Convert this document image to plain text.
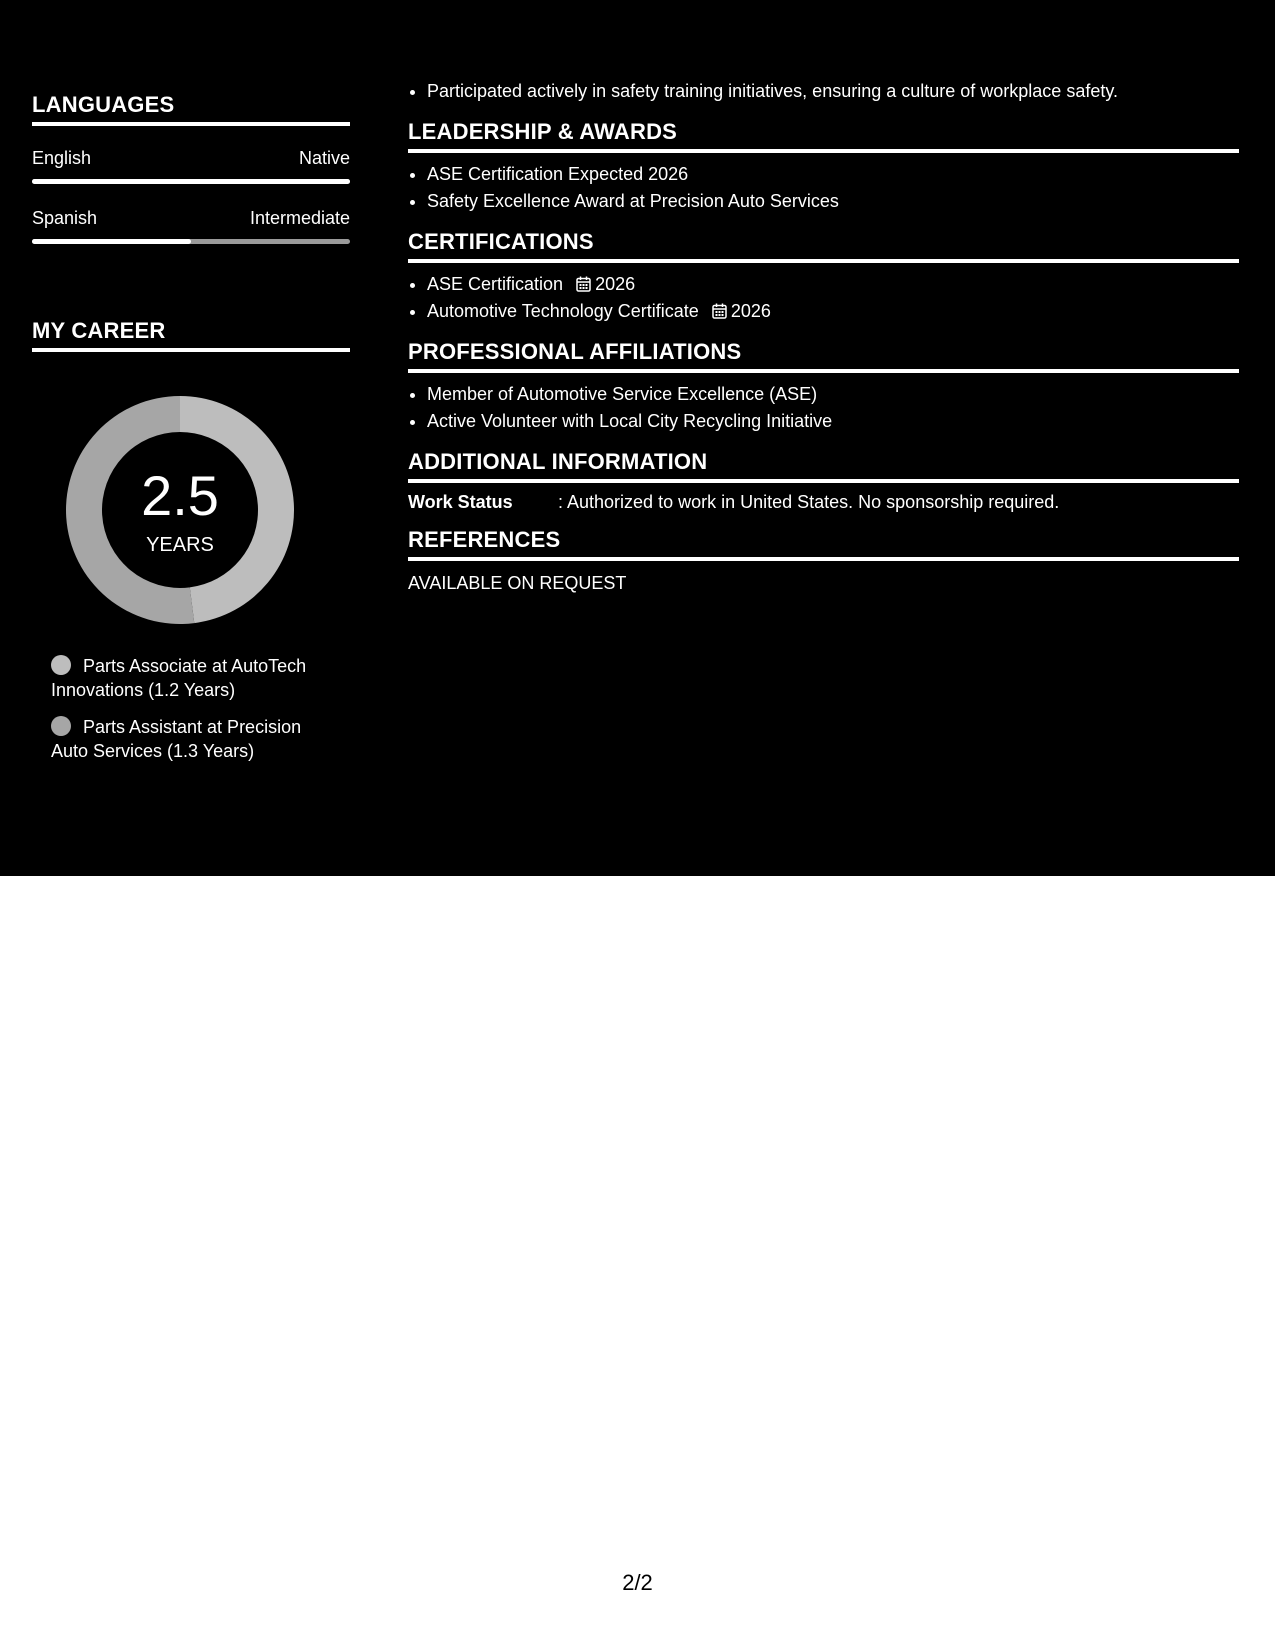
LANGUAGES
English	Native
Spanish	Intermediate
MY CAREER
2.5
YEARS
Parts Associate at AutoTech Innovations (1.2 Years)
Parts Assistant at Precision Auto Services (1.3 Years)
• Participated actively in safety training initiatives, ensuring a culture of workplace safety.
LEADERSHIP & AWARDS
• ASE Certification Expected 2026
• Safety Excellence Award at Precision Auto Services
CERTIFICATIONS
• ASE Certification 2026
• Automotive Technology Certificate 2026
PROFESSIONAL AFFILIATIONS
• Member of Automotive Service Excellence (ASE)
• Active Volunteer with Local City Recycling Initiative
ADDITIONAL INFORMATION
Work Status	: Authorized to work in United States. No sponsorship required.
REFERENCES
AVAILABLE ON REQUEST
2/2
